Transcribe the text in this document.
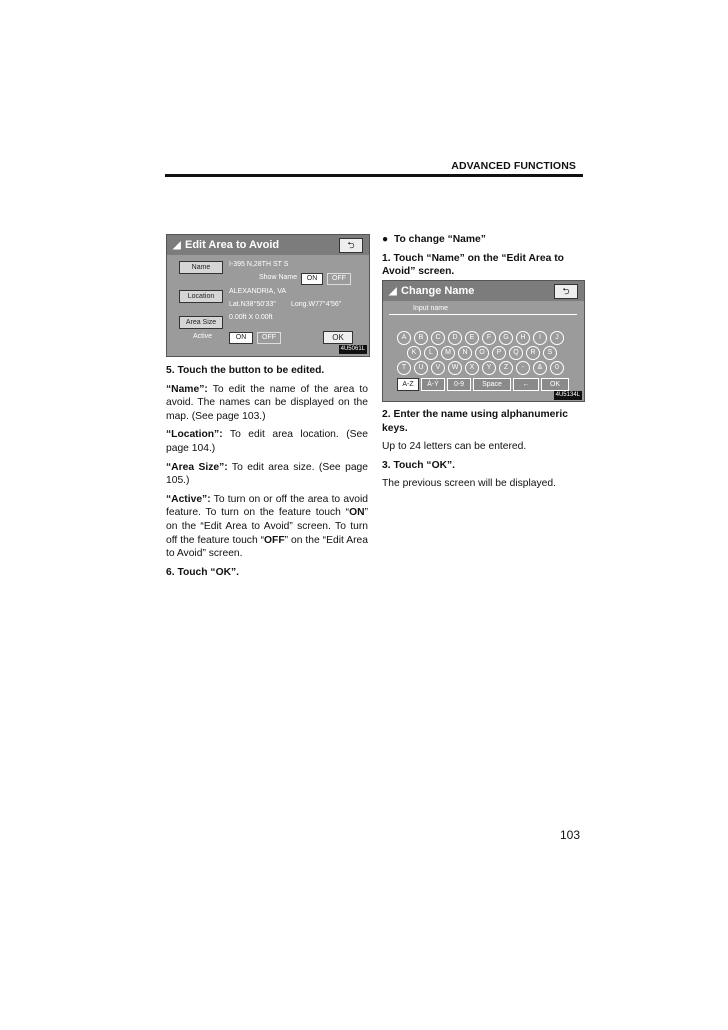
ADVANCED FUNCTIONS
◢ Edit Area to Avoid	⮌
Name	I-395 N,28TH ST S
Show Name	ON	OFF
Location
ALEXANDRIA, VA
Lat.N38°50'33" Long.W77°4'56"
Area Size
0.00ft X 0.00ft
Active	ON	OFF	OK
4U5061L
◢ Change Name	⮌
Input name
A	B	C	D	E	F	G	H	I	J
K	L	M	N	O	P	Q	R	S
T	U	V	W	X	Y	Z	-	&	0
A-Z	À-Ý	0-9	Space	←	OK
4U5134L

5. Touch the button to be edited.

“Name”: To edit the name of the area to avoid. The names can be displayed on the map. (See page 103.)

“Location”: To edit area location. (See page 104.)

“Area Size”: To edit area size. (See page 105.)

“Active”: To turn on or off the area to avoid feature. To turn on the feature touch “ON” on the “Edit Area to Avoid” screen. To turn off the feature touch “OFF” on the “Edit Area to Avoid” screen.

6. Touch “OK”.

● To change “Name”

1. Touch “Name” on the “Edit Area to Avoid” screen.

2. Enter the name using alphanumeric keys.

Up to 24 letters can be entered.

3. Touch “OK”.

The previous screen will be displayed.

103
